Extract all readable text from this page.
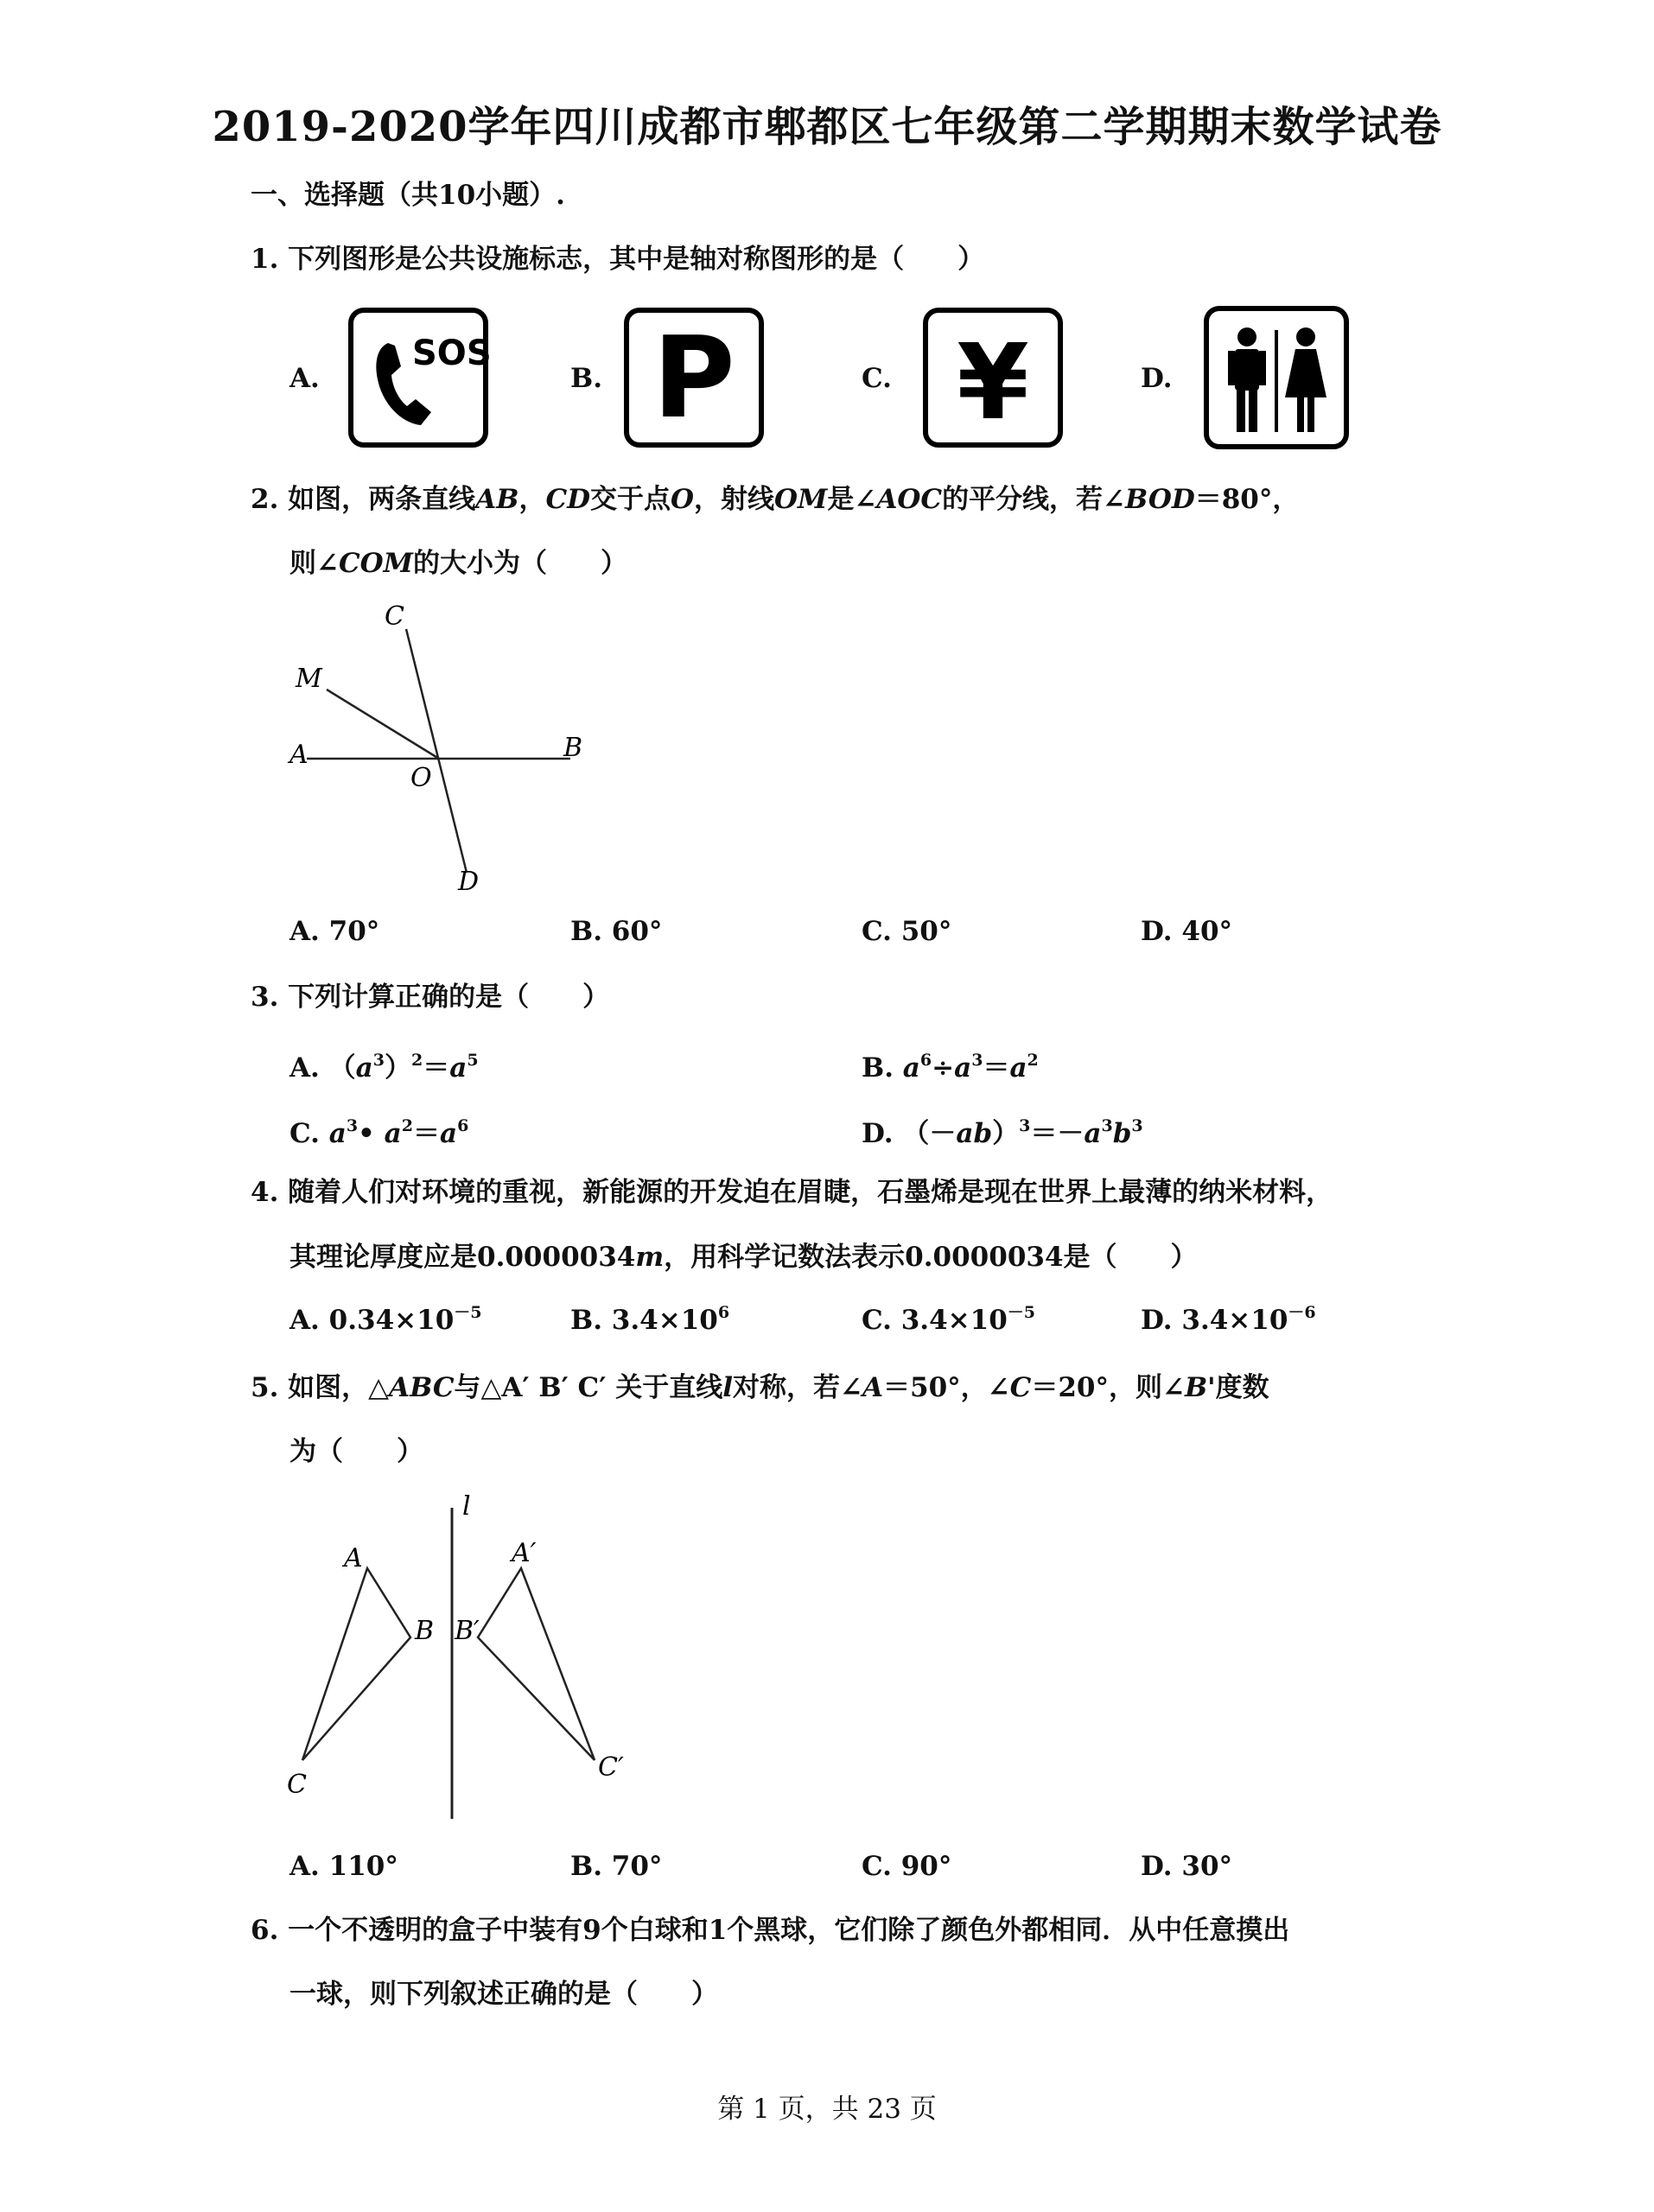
2019-2020学年四川成都市郫都区七年级第二学期期末数学试卷
一、选择题（共10小题）.
1. 下列图形是公共设施标志，其中是轴对称图形的是（　　）
A.
SOS
B. P	C. ¥	D.
2. 如图，两条直线AB，CD交于点O，射线OM是∠AOC的平分线，若∠BOD＝80°，
则∠COM的大小为（　　）
C
M
A	B
O
D
A. 70°	B. 60°	C. 50°	D. 40°
3. 下列计算正确的是（　　）
A. $(a^3)^2=a^5$	B. $a^6\div a^3=a^2$
C. $a^3•$ $a^2=a^6$	D. $(-ab)^3=-a^3b^3$
4. 随着人们对环境的重视，新能源的开发迫在眉睫，石墨烯是现在世界上最薄的纳米材料，
其理论厚度应是0.0000034m，用科学记数法表示0.0000034是（　　）
A. $0.34\times 10^{-5}$	B. $3.4\times 10^6$	C. $3.4\times 10^{-5}$	D. $3.4\times 10^{-6}$
5. 如图，△ABC与△A′ B′ C′ 关于直线l对称，若∠A＝50°，∠C＝20°，则∠B'度数
为（　　）
l
A
B
C
A′
B′
C′
A. 110°	B. 70°	C. 90°	D. 30°
6. 一个不透明的盒子中装有9个白球和1个黑球，它们除了颜色外都相同．从中任意摸出
一球，则下列叙述正确的是（　　）
第 1 页，共 23 页
